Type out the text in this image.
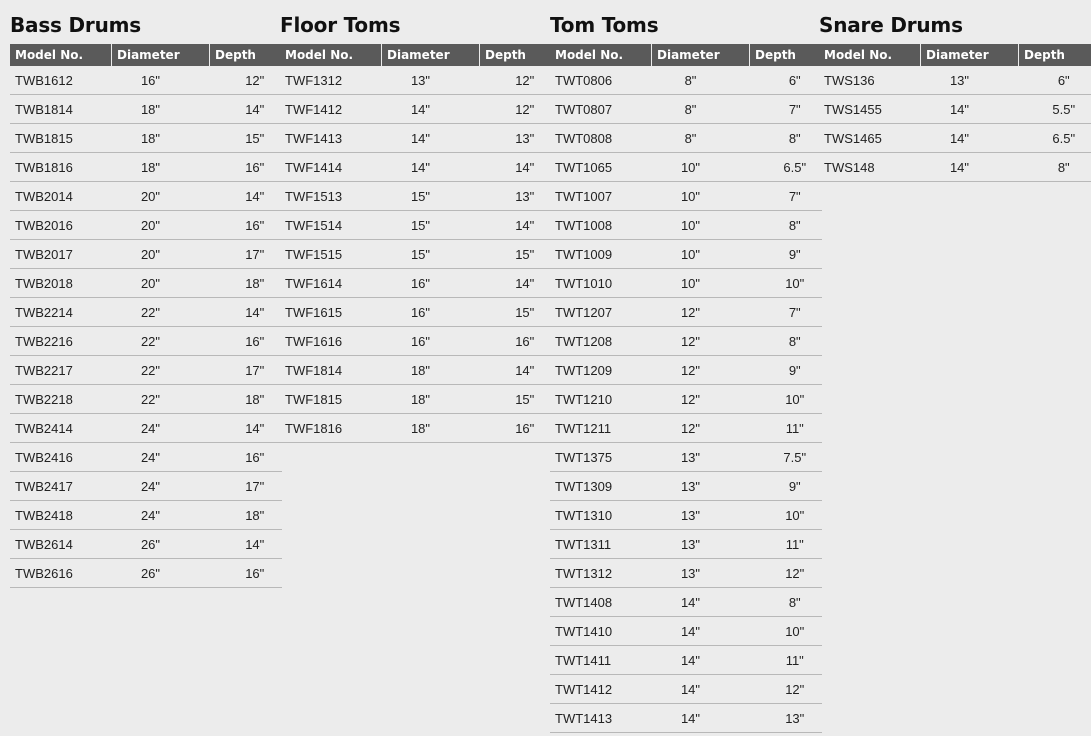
Bass Drums
Model No.	Diameter	Depth
TWB1612	16"	12"
TWB1814	18"	14"
TWB1815	18"	15"
TWB1816	18"	16"
TWB2014	20"	14"
TWB2016	20"	16"
TWB2017	20"	17"
TWB2018	20"	18"
TWB2214	22"	14"
TWB2216	22"	16"
TWB2217	22"	17"
TWB2218	22"	18"
TWB2414	24"	14"
TWB2416	24"	16"
TWB2417	24"	17"
TWB2418	24"	18"
TWB2614	26"	14"
TWB2616	26"	16"
Floor Toms
Model No.	Diameter	Depth
TWF1312	13"	12"
TWF1412	14"	12"
TWF1413	14"	13"
TWF1414	14"	14"
TWF1513	15"	13"
TWF1514	15"	14"
TWF1515	15"	15"
TWF1614	16"	14"
TWF1615	16"	15"
TWF1616	16"	16"
TWF1814	18"	14"
TWF1815	18"	15"
TWF1816	18"	16"
Tom Toms
Model No.	Diameter	Depth
TWT0806	8"	6"
TWT0807	8"	7"
TWT0808	8"	8"
TWT1065	10"	6.5"
TWT1007	10"	7"
TWT1008	10"	8"
TWT1009	10"	9"
TWT1010	10"	10"
TWT1207	12"	7"
TWT1208	12"	8"
TWT1209	12"	9"
TWT1210	12"	10"
TWT1211	12"	11"
TWT1375	13"	7.5"
TWT1309	13"	9"
TWT1310	13"	10"
TWT1311	13"	11"
TWT1312	13"	12"
TWT1408	14"	8"
TWT1410	14"	10"
TWT1411	14"	11"
TWT1412	14"	12"
TWT1413	14"	13"
Snare Drums
Model No.	Diameter	Depth
TWS136	13"	6"
TWS1455	14"	5.5"
TWS1465	14"	6.5"
TWS148	14"	8"
